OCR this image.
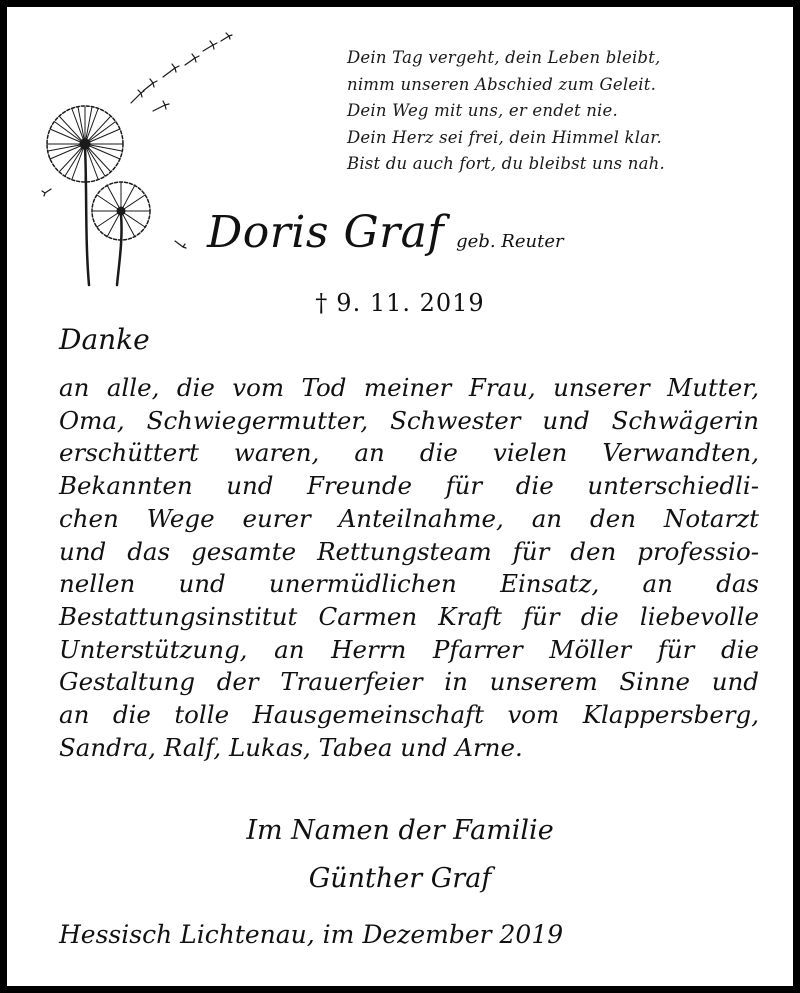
Dein Tag vergeht, dein Leben bleibt,
nimm unseren Abschied zum Geleit.
Dein Weg mit uns, er endet nie.
Dein Herz sei frei, dein Himmel klar.
Bist du auch fort, du bleibst uns nah.
Doris Graf geb. Reuter
† 9. 11. 2019
Danke
an alle, die vom Tod meiner Frau, unserer Mutter,
Oma, Schwiegermutter, Schwester und Schwägerin
erschüttert waren, an die vielen Verwandten,
Bekannten und Freunde für die unterschiedli-
chen Wege eurer Anteilnahme, an den Notarzt
und das gesamte Rettungsteam für den professio-
nellen und unermüdlichen Einsatz, an das
Bestattungsinstitut Carmen Kraft für die liebevolle
Unterstützung, an Herrn Pfarrer Möller für die
Gestaltung der Trauerfeier in unserem Sinne und
an die tolle Hausgemeinschaft vom Klappersberg,
Sandra, Ralf, Lukas, Tabea und Arne.
Im Namen der Familie
Günther Graf
Hessisch Lichtenau, im Dezember 2019
